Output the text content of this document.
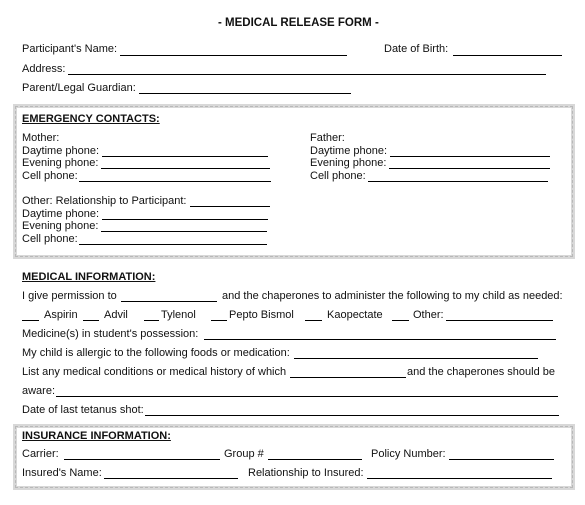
- MEDICAL RELEASE FORM -
Participant's Name:	Date of Birth:
Address:
Parent/Legal Guardian:
EMERGENCY CONTACTS:
Mother:
Daytime phone:
Evening phone:
Cell phone:
Father:
Daytime phone:
Evening phone:
Cell phone:
Other: Relationship to Participant:
Daytime phone:
Evening phone:
Cell phone:
MEDICAL INFORMATION:
I give permission to	and the chaperones to administer the following to my child as needed:
Aspirin Advil	Tylenol	Pepto Bismol	Kaopectate	Other:
Medicine(s) in student's possession:
My child is allergic to the following foods or medication:
List any medical conditions or medical history of which	and the chaperones should be
aware:
Date of last tetanus shot:
INSURANCE INFORMATION:
Carrier:	Group #	Policy Number:
Insured's Name:	Relationship to Insured:
